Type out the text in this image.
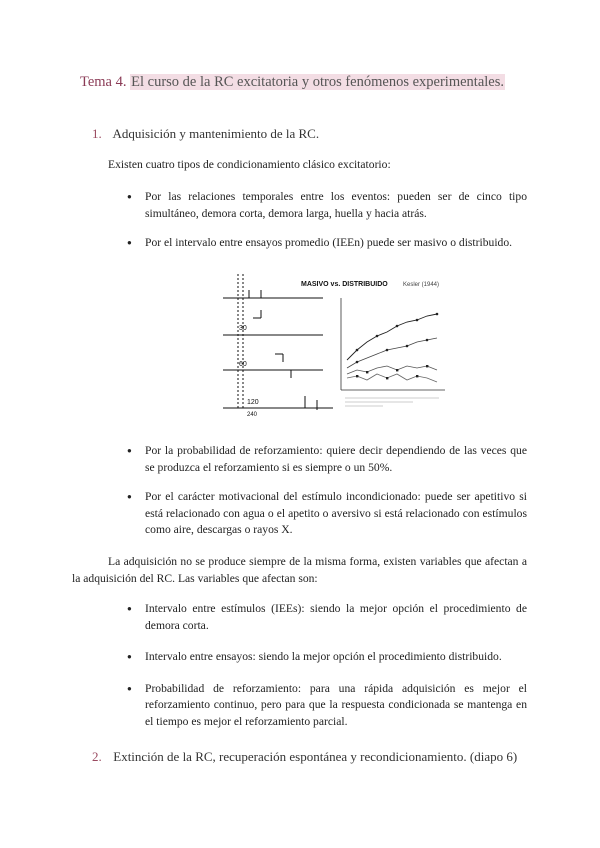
Tema 4. El curso de la RC excitatoria y otros fenómenos experimentales.
1. Adquisición y mantenimiento de la RC.
Existen cuatro tipos de condicionamiento clásico excitatorio:
● Por las relaciones temporales entre los eventos: pueden ser de cinco tipo simultáneo, demora corta, demora larga, huella y hacia atrás.
● Por el intervalo entre ensayos promedio (IEEn) puede ser masivo o distribuido.
30
60
120
240
MASIVO vs. DISTRIBUIDO	Kesler (1944)
● Por la probabilidad de reforzamiento: quiere decir dependiendo de las veces que se produzca el reforzamiento si es siempre o un 50%.
● Por el carácter motivacional del estímulo incondicionado: puede ser apetitivo si está relacionado con agua o el apetito o aversivo si está relacionado con estímulos como aire, descargas o rayos X.
La adquisición no se produce siempre de la misma forma, existen variables que afectan a la adquisición del RC. Las variables que afectan son:
● Intervalo entre estímulos (IEEs): siendo la mejor opción el procedimiento de demora corta.
● Intervalo entre ensayos: siendo la mejor opción el procedimiento distribuido.
● Probabilidad de reforzamiento: para una rápida adquisición es mejor el reforzamiento continuo, pero para que la respuesta condicionada se mantenga en el tiempo es mejor el reforzamiento parcial.
2. Extinción de la RC, recuperación espontánea y recondicionamiento. (diapo 6)
